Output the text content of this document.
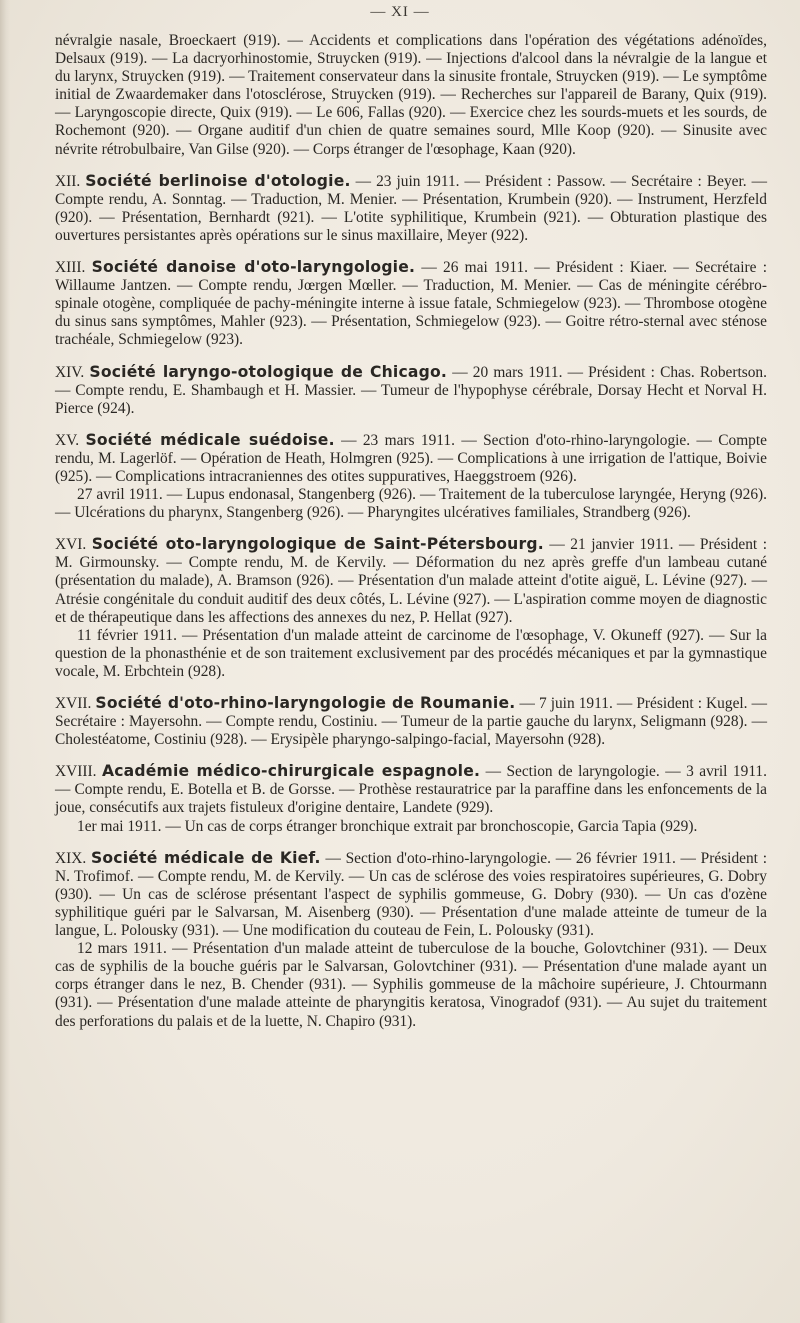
— XI —

névralgie nasale, Broeckaert (919). — Accidents et complications dans l'opération des végétations adénoïdes, Delsaux (919). — La dacryorhinostomie, Struycken (919). — Injections d'alcool dans la névralgie de la langue et du larynx, Struycken (919). — Traitement conservateur dans la sinusite frontale, Struycken (919). — Le symptôme initial de Zwaardemaker dans l'otosclérose, Struycken (919). — Recherches sur l'appareil de Barany, Quix (919). — Laryngoscopie directe, Quix (919). — Le 606, Fallas (920). — Exercice chez les sourds-muets et les sourds, de Rochemont (920). — Organe auditif d'un chien de quatre semaines sourd, Mlle Koop (920). — Sinusite avec névrite rétrobulbaire, Van Gilse (920). — Corps étranger de l'œsophage, Kaan (920).

XII. Société berlinoise d'otologie. — 23 juin 1911. — Président : Passow. — Secrétaire : Beyer. — Compte rendu, A. Sonntag. — Traduction, M. Menier. — Présentation, Krumbein (920). — Instrument, Herzfeld (920). — Présentation, Bernhardt (921). — L'otite syphilitique, Krumbein (921). — Obturation plastique des ouvertures persistantes après opérations sur le sinus maxillaire, Meyer (922).

XIII. Société danoise d'oto-laryngologie. — 26 mai 1911. — Président : Kiaer. — Secrétaire : Willaume Jantzen. — Compte rendu, Jœrgen Mœller. — Traduction, M. Menier. — Cas de méningite cérébro-spinale otogène, compliquée de pachy-méningite interne à issue fatale, Schmiegelow (923). — Thrombose otogène du sinus sans symptômes, Mahler (923). — Présentation, Schmiegelow (923). — Goitre rétro-sternal avec sténose trachéale, Schmiegelow (923).

XIV. Société laryngo-otologique de Chicago. — 20 mars 1911. — Président : Chas. Robertson. — Compte rendu, E. Shambaugh et H. Massier. — Tumeur de l'hypophyse cérébrale, Dorsay Hecht et Norval H. Pierce (924).

XV. Société médicale suédoise. — 23 mars 1911. — Section d'oto-rhino-laryngologie. — Compte rendu, M. Lagerlöf. — Opération de Heath, Holmgren (925). — Complications à une irrigation de l'attique, Boivie (925). — Complications intracraniennes des otites suppuratives, Haeggstroem (926).

27 avril 1911. — Lupus endonasal, Stangenberg (926). — Traitement de la tuberculose laryngée, Heryng (926). — Ulcérations du pharynx, Stangenberg (926). — Pharyngites ulcératives familiales, Strandberg (926).

XVI. Société oto-laryngologique de Saint-Pétersbourg. — 21 janvier 1911. — Président : M. Girmounsky. — Compte rendu, M. de Kervily. — Déformation du nez après greffe d'un lambeau cutané (présentation du malade), A. Bramson (926). — Présentation d'un malade atteint d'otite aiguë, L. Lévine (927). — Atrésie congénitale du conduit auditif des deux côtés, L. Lévine (927). — L'aspiration comme moyen de diagnostic et de thérapeutique dans les affections des annexes du nez, P. Hellat (927).

11 février 1911. — Présentation d'un malade atteint de carcinome de l'œsophage, V. Okuneff (927). — Sur la question de la phonasthénie et de son traitement exclusivement par des procédés mécaniques et par la gymnastique vocale, M. Erbchtein (928).

XVII. Société d'oto-rhino-laryngologie de Roumanie. — 7 juin 1911. — Président : Kugel. — Secrétaire : Mayersohn. — Compte rendu, Costiniu. — Tumeur de la partie gauche du larynx, Seligmann (928). — Cholestéatome, Costiniu (928). — Erysipèle pharyngo-salpingo-facial, Mayersohn (928).

XVIII. Académie médico-chirurgicale espagnole. — Section de laryngologie. — 3 avril 1911. — Compte rendu, E. Botella et B. de Gorsse. — Prothèse restauratrice par la paraffine dans les enfoncements de la joue, consécutifs aux trajets fistuleux d'origine dentaire, Landete (929).

1er mai 1911. — Un cas de corps étranger bronchique extrait par bronchoscopie, Garcia Tapia (929).

XIX. Société médicale de Kief. — Section d'oto-rhino-laryngologie. — 26 février 1911. — Président : N. Trofimof. — Compte rendu, M. de Kervily. — Un cas de sclérose des voies respiratoires supérieures, G. Dobry (930). — Un cas de sclérose présentant l'aspect de syphilis gommeuse, G. Dobry (930). — Un cas d'ozène syphilitique guéri par le Salvarsan, M. Aisenberg (930). — Présentation d'une malade atteinte de tumeur de la langue, L. Polousky (931). — Une modification du couteau de Fein, L. Polousky (931).

12 mars 1911. — Présentation d'un malade atteint de tuberculose de la bouche, Golovtchiner (931). — Deux cas de syphilis de la bouche guéris par le Salvarsan, Golovtchiner (931). — Présentation d'une malade ayant un corps étranger dans le nez, B. Chender (931). — Syphilis gommeuse de la mâchoire supérieure, J. Chtourmann (931). — Présentation d'une malade atteinte de pharyngitis keratosa, Vinogradof (931). — Au sujet du traitement des perforations du palais et de la luette, N. Chapiro (931).
